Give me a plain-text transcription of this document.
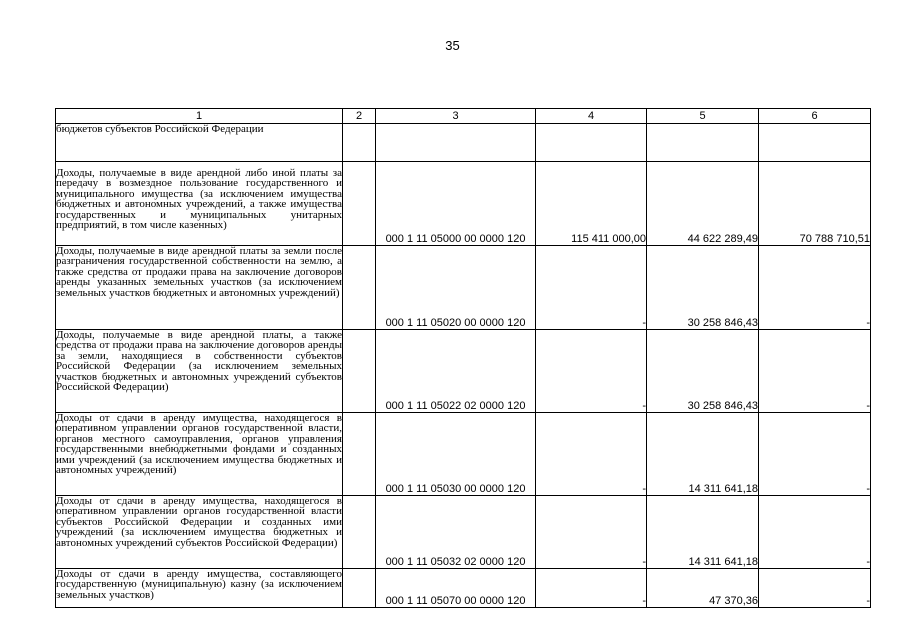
35
1	2	3	4	5	6
бюджетов субъектов Российской Федерации					
Доходы, получаемые в виде арендной либо иной платы за передачу в возмездное пользование государственного и муниципального имущества (за исключением имущества бюджетных и автономных учреждений, а также имущества государственных и муниципальных унитарных предприятий, в том числе казенных)		000 1 11 05000 00 0000 120	115 411 000,00	44 622 289,49	70 788 710,51
Доходы, получаемые в виде арендной платы за земли после разграничения государственной собственности на землю, а также средства от продажи права на заключение договоров аренды указанных земельных участков (за исключением земельных участков бюджетных и автономных учреждений)		000 1 11 05020 00 0000 120	-	30 258 846,43	-
Доходы, получаемые в виде арендной платы, а также средства от продажи права на заключение договоров аренды за земли, находящиеся в собственности субъектов Российской Федерации (за исключением земельных участков бюджетных и автономных учреждений субъектов Российской Федерации)		000 1 11 05022 02 0000 120	-	30 258 846,43	-
Доходы от сдачи в аренду имущества, находящегося в оперативном управлении органов государственной власти, органов местного самоуправления, органов управления государственными внебюджетными фондами и созданных ими учреждений (за исключением имущества бюджетных и автономных учреждений)		000 1 11 05030 00 0000 120	-	14 311 641,18	-
Доходы от сдачи в аренду имущества, находящегося в оперативном управлении органов государственной власти субъектов Российской Федерации и созданных ими учреждений (за исключением имущества бюджетных и автономных учреждений субъектов Российской Федерации)		000 1 11 05032 02 0000 120	-	14 311 641,18	-
Доходы от сдачи в аренду имущества, составляющего государственную (муниципальную) казну (за исключением земельных участков)		000 1 11 05070 00 0000 120	-	47 370,36	-
